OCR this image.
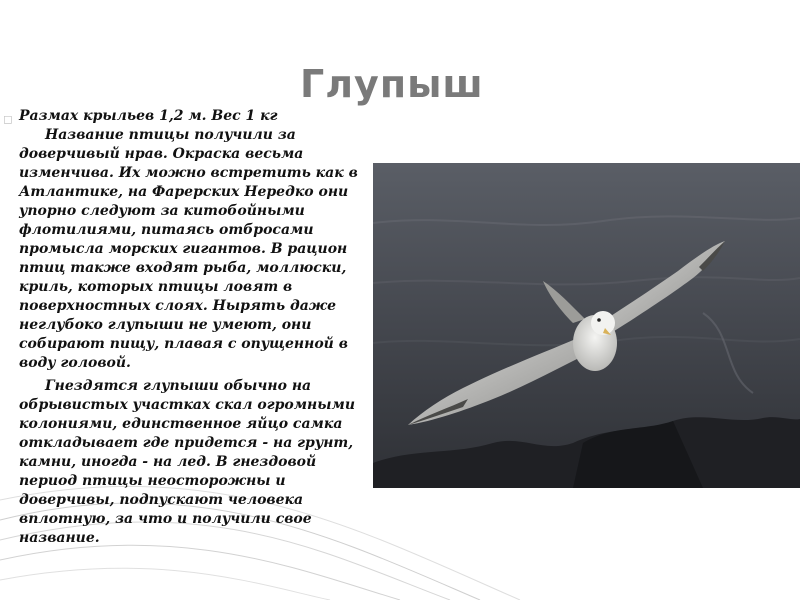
Глупыш
◻ Размах крыльев 1,2 м. Вес 1 кг

Название птицы получили за доверчивый нрав. Окраска весьма изменчива. Их можно встретить как в Атлантике, на Фарерских Нередко они упорно следуют за китобойными флотилиями, питаясь отбросами промысла морских гигантов. В рацион птиц также входят рыба, моллюски, криль, которых птицы ловят в поверхностных слоях. Нырять даже неглубоко глупыши не умеют, они собирают пищу, плавая с опущенной в воду головой.

Гнездятся глупыши обычно на обрывистых участках скал огромными колониями, единственное яйцо самка откладывает где придется - на грунт, камни, иногда - на лед. В гнездовой период птицы неосторожны и доверчивы, подпускают человека вплотную, за что и получили свое название.
